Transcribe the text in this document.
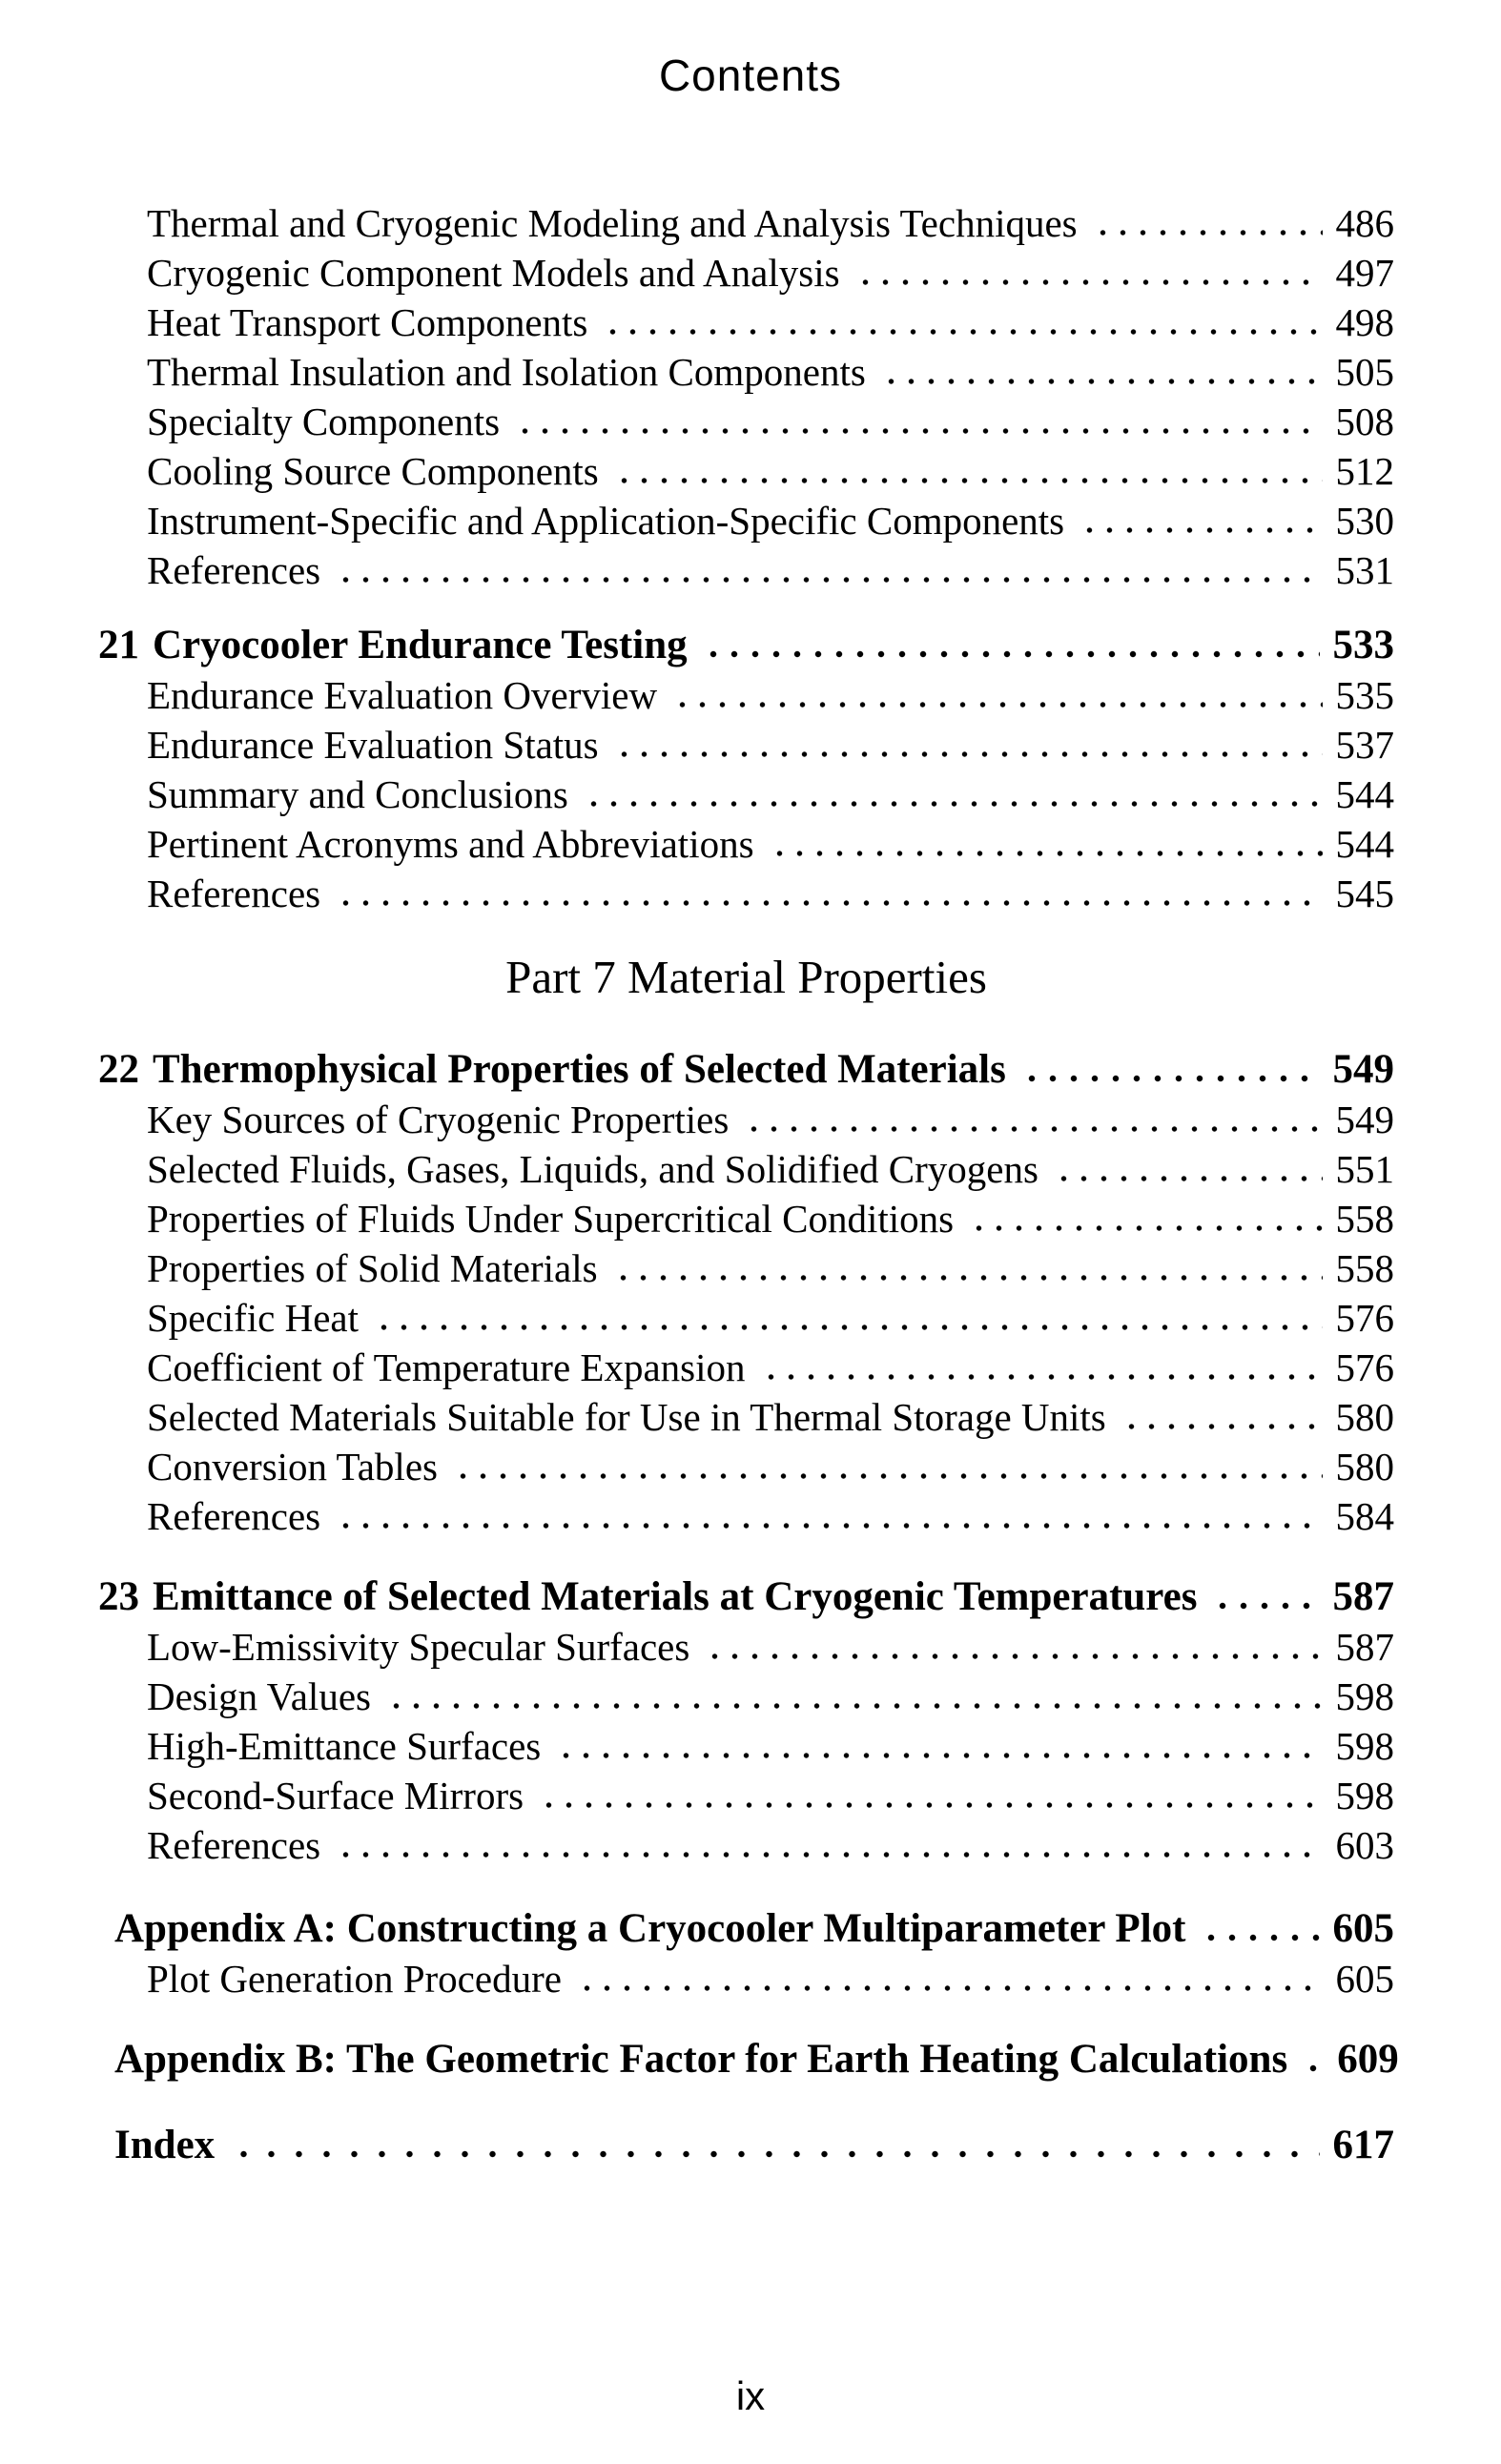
Contents
Thermal and Cryogenic Modeling and Analysis Techniques	486
Cryogenic Component Models and Analysis	497
Heat Transport Components	498
Thermal Insulation and Isolation Components	505
Specialty Components	508
Cooling Source Components	512
Instrument-Specific and Application-Specific Components	530
References	531
21 Cryocooler Endurance Testing	533
Endurance Evaluation Overview	535
Endurance Evaluation Status	537
Summary and Conclusions	544
Pertinent Acronyms and Abbreviations	544
References	545
Part 7 Material Properties
22 Thermophysical Properties of Selected Materials	549
Key Sources of Cryogenic Properties	549
Selected Fluids, Gases, Liquids, and Solidified Cryogens	551
Properties of Fluids Under Supercritical Conditions	558
Properties of Solid Materials	558
Specific Heat	576
Coefficient of Temperature Expansion	576
Selected Materials Suitable for Use in Thermal Storage Units	580
Conversion Tables	580
References	584
23 Emittance of Selected Materials at Cryogenic Temperatures	587
Low-Emissivity Specular Surfaces	587
Design Values	598
High-Emittance Surfaces	598
Second-Surface Mirrors	598
References	603
Appendix A: Constructing a Cryocooler Multiparameter Plot	605
Plot Generation Procedure	605
Appendix B: The Geometric Factor for Earth Heating Calculations 609
Index	617
ix
